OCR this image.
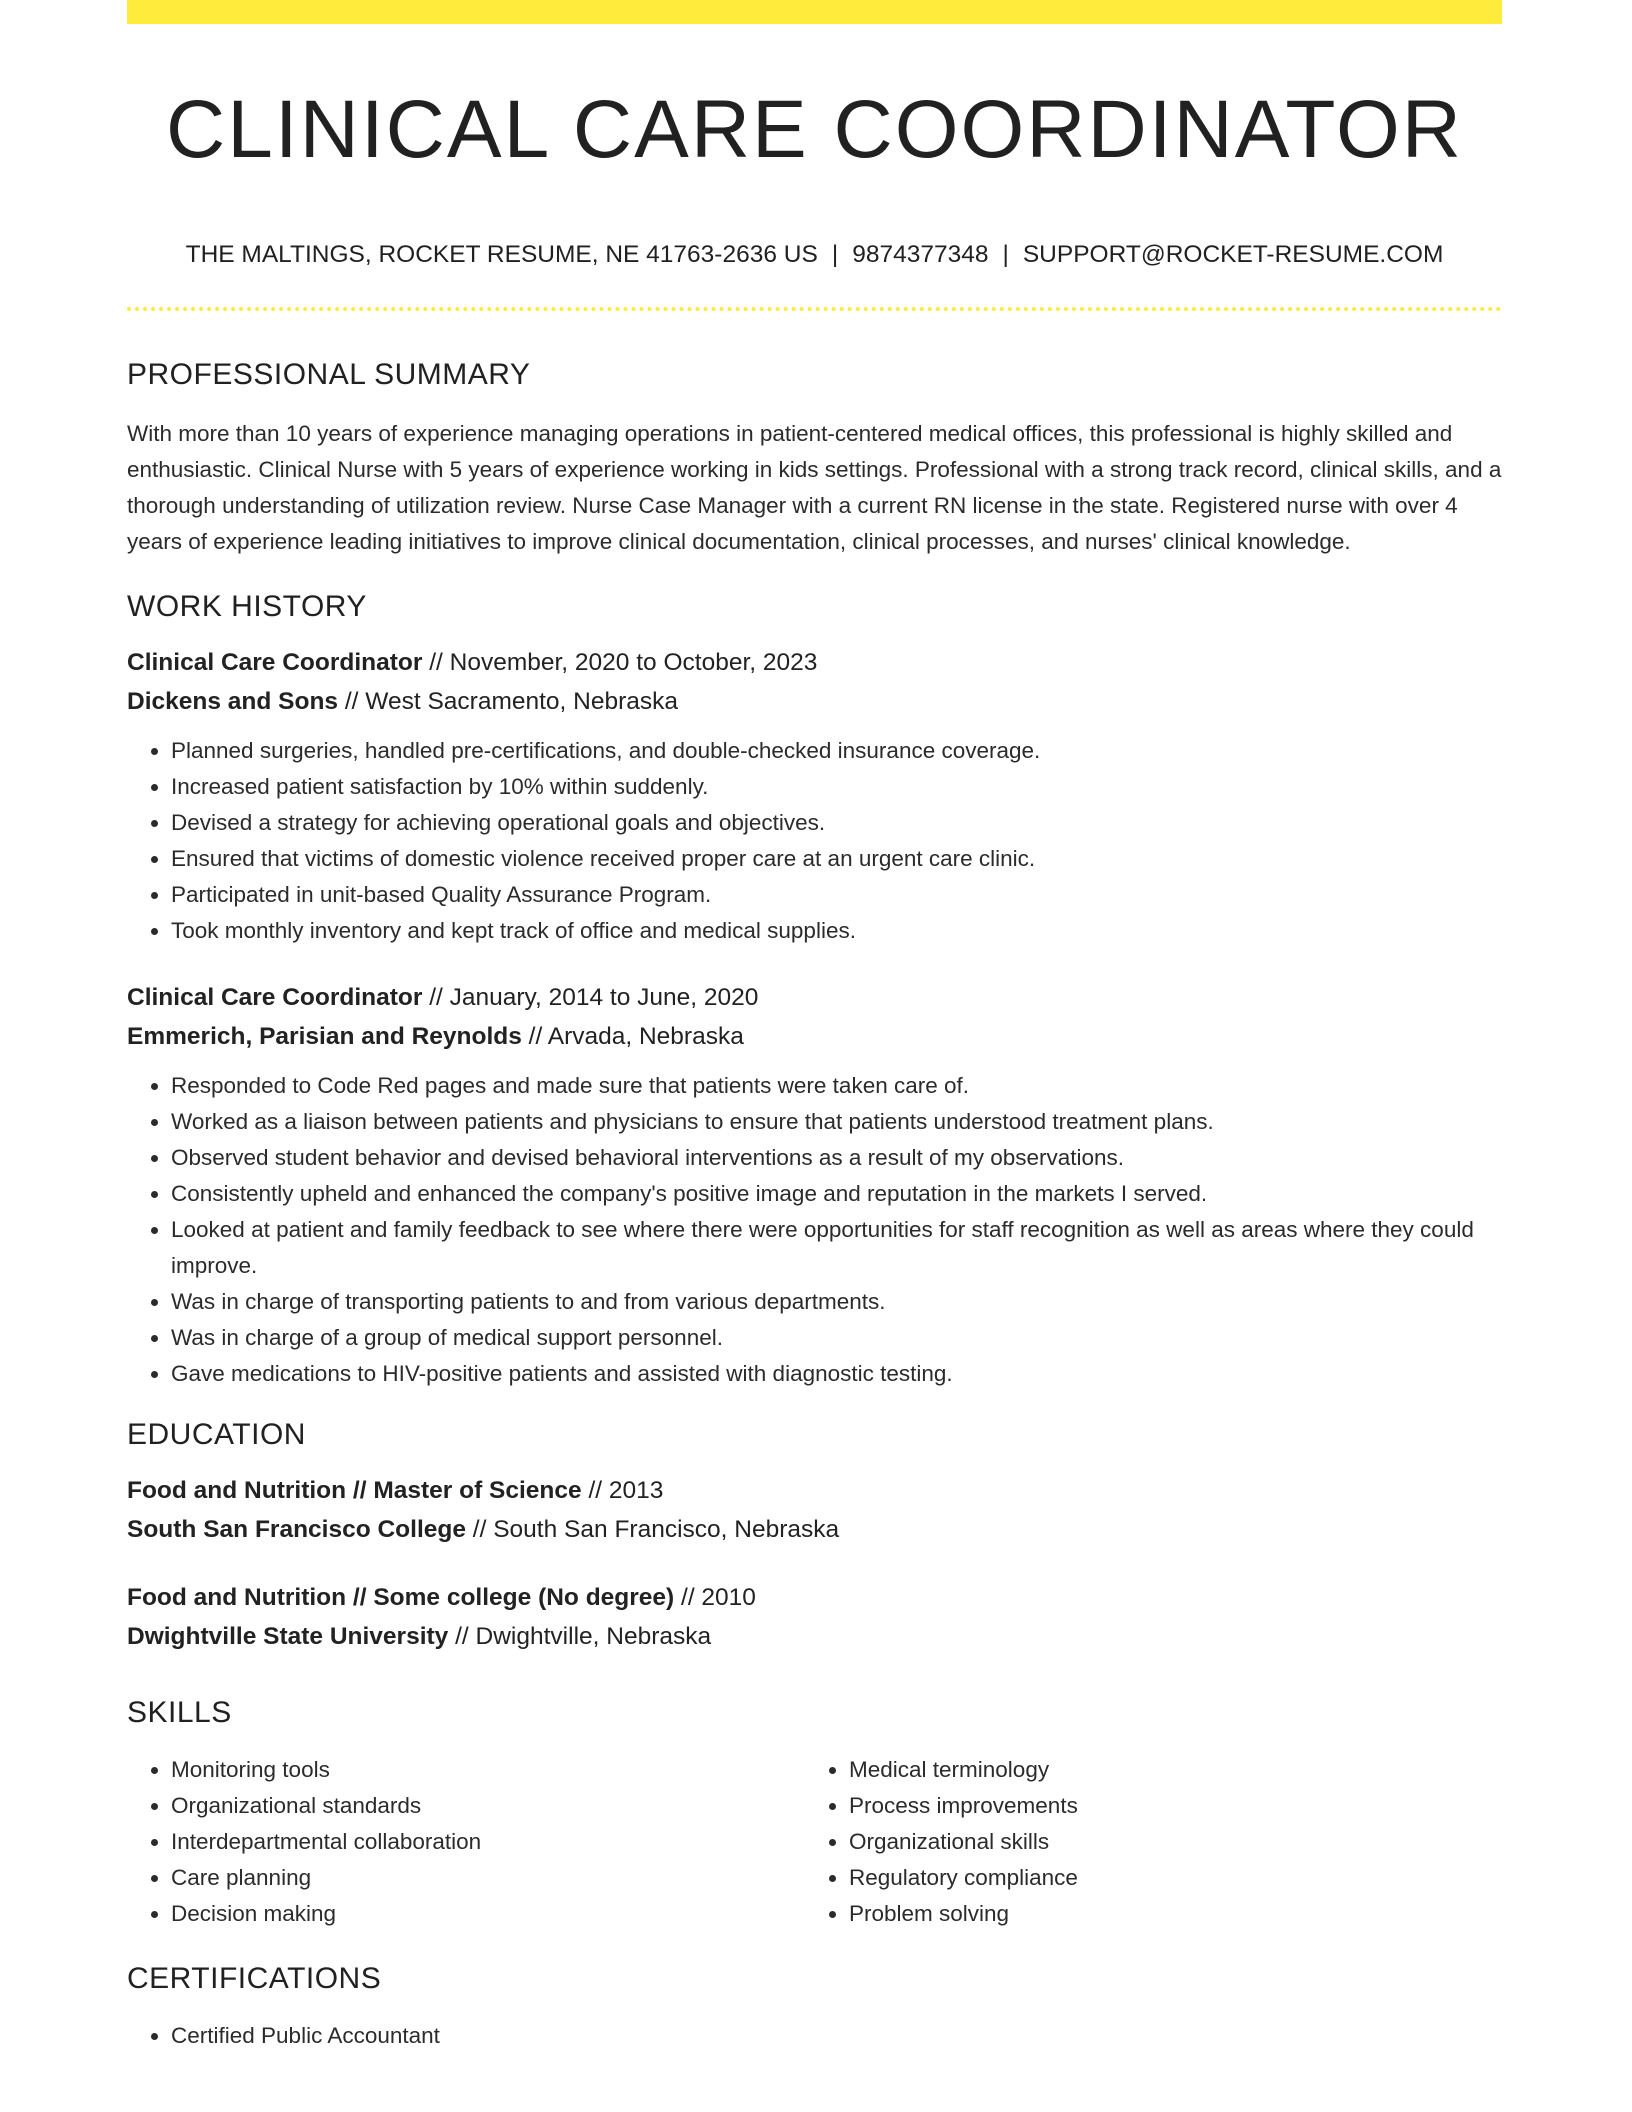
CLINICAL CARE COORDINATOR
THE MALTINGS, ROCKET RESUME, NE 41763-2636 US | 9874377348 | SUPPORT@ROCKET-RESUME.COM
PROFESSIONAL SUMMARY

With more than 10 years of experience managing operations in patient-centered medical offices, this professional is highly skilled and enthusiastic. Clinical Nurse with 5 years of experience working in kids settings. Professional with a strong track record, clinical skills, and a thorough understanding of utilization review. Nurse Case Manager with a current RN license in the state. Registered nurse with over 4 years of experience leading initiatives to improve clinical documentation, clinical processes, and nurses' clinical knowledge.

WORK HISTORY
Clinical Care Coordinator // November, 2020 to October, 2023
Dickens and Sons // West Sacramento, Nebraska
• Planned surgeries, handled pre-certifications, and double-checked insurance coverage.
• Increased patient satisfaction by 10% within suddenly.
• Devised a strategy for achieving operational goals and objectives.
• Ensured that victims of domestic violence received proper care at an urgent care clinic.
• Participated in unit-based Quality Assurance Program.
• Took monthly inventory and kept track of office and medical supplies.
Clinical Care Coordinator // January, 2014 to June, 2020
Emmerich, Parisian and Reynolds // Arvada, Nebraska
• Responded to Code Red pages and made sure that patients were taken care of.
• Worked as a liaison between patients and physicians to ensure that patients understood treatment plans.
• Observed student behavior and devised behavioral interventions as a result of my observations.
• Consistently upheld and enhanced the company's positive image and reputation in the markets I served.
• Looked at patient and family feedback to see where there were opportunities for staff recognition as well as areas where they could improve.
• Was in charge of transporting patients to and from various departments.
• Was in charge of a group of medical support personnel.
• Gave medications to HIV-positive patients and assisted with diagnostic testing.
EDUCATION
Food and Nutrition // Master of Science // 2013
South San Francisco College // South San Francisco, Nebraska
Food and Nutrition // Some college (No degree) // 2010
Dwightville State University // Dwightville, Nebraska
SKILLS
• Monitoring tools
• Organizational standards
• Interdepartmental collaboration
• Care planning
• Decision making
• Medical terminology
• Process improvements
• Organizational skills
• Regulatory compliance
• Problem solving
CERTIFICATIONS
• Certified Public Accountant
